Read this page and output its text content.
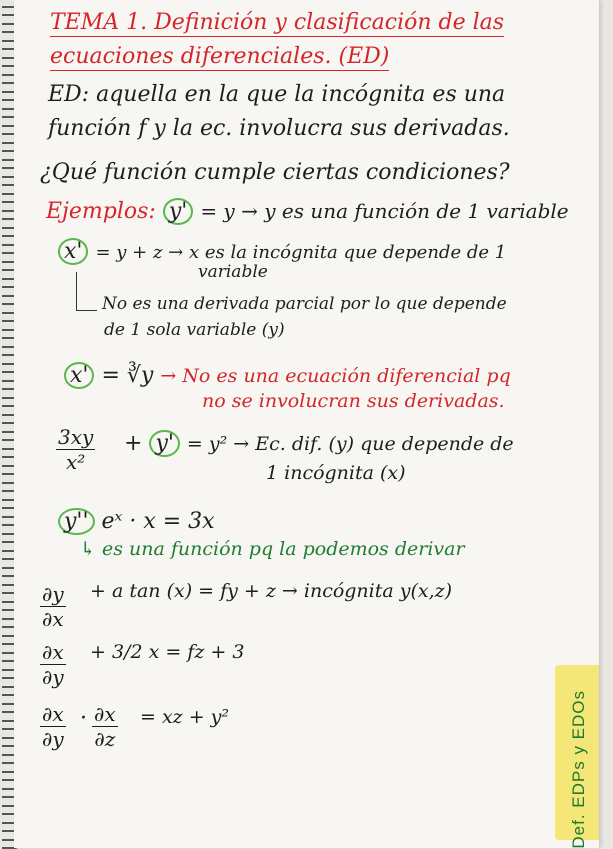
Def. EDPs y EDOs
TEMA 1. Definición y clasificación de las
ecuaciones diferenciales. (ED)
ED: aquella en la que la incógnita es una
función f y la ec. involucra sus derivadas.
¿Qué función cumple ciertas condiciones?
Ejemplos: y' = y → y es una función de 1 variable
x' = y + z → x es la incógnita que depende de 1
variable
No es una derivada parcial por lo que depende
de 1 sola variable (y)
x' = ∛y → No es una ecuación diferencial pq
no se involucran sus derivadas.
$\frac{3xy}{\text{x²}} + y' = y^2 \to Ec$. dif. (y) que depende de
1 incógnita (x)
y'' eˣ · x = 3x
↳ es una función pq la podemos derivar
$\frac{\partial y}{\partial x} + a$ tan (x) = fy + z → incógnita y(x,z)
$\frac{\partial x}{\partial y} + 3/2$ x = fz + 3
$\frac{\partial x}{\partial y} \cdot \frac{\partial x}{\partial z}$ = xz + y²
